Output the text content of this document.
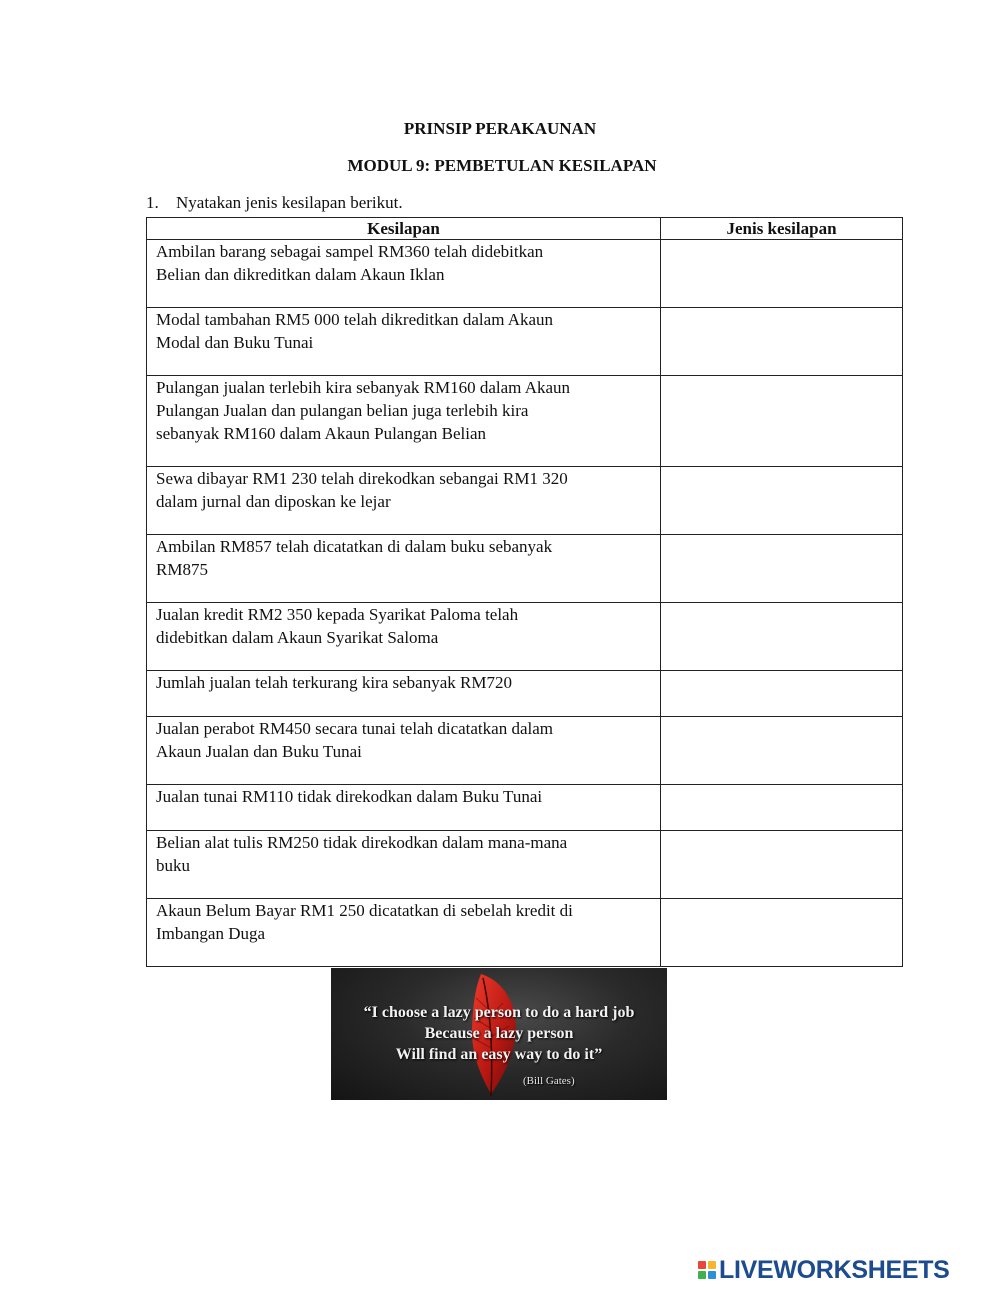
PRINSIP PERAKAUNAN
MODUL 9: PEMBETULAN KESILAPAN
1. Nyatakan jenis kesilapan berikut.
Kesilapan	Jenis kesilapan

Ambilan barang sebagai sampel RM360 telah didebitkan
Belian dan dikreditkan dalam Akaun Iklan

Modal tambahan RM5 000 telah dikreditkan dalam Akaun
Modal dan Buku Tunai

Pulangan jualan terlebih kira sebanyak RM160 dalam Akaun
Pulangan Jualan dan pulangan belian juga terlebih kira
sebanyak RM160 dalam Akaun Pulangan Belian

Sewa dibayar RM1 230 telah direkodkan sebangai RM1 320
dalam jurnal dan diposkan ke lejar

Ambilan RM857 telah dicatatkan di dalam buku sebanyak
RM875

Jualan kredit RM2 350 kepada Syarikat Paloma telah
didebitkan dalam Akaun Syarikat Saloma

Jumlah jualan telah terkurang kira sebanyak RM720

Jualan perabot RM450 secara tunai telah dicatatkan dalam
Akaun Jualan dan Buku Tunai

Jualan tunai RM110 tidak direkodkan dalam Buku Tunai

Belian alat tulis RM250 tidak direkodkan dalam mana-mana
buku

Akaun Belum Bayar RM1 250 dicatatkan di sebelah kredit di
Imbangan Duga

“I choose a lazy person to do a hard job
Because a lazy person
Will find an easy way to do it”
(Bill Gates)
LIVEWORKSHEETS
